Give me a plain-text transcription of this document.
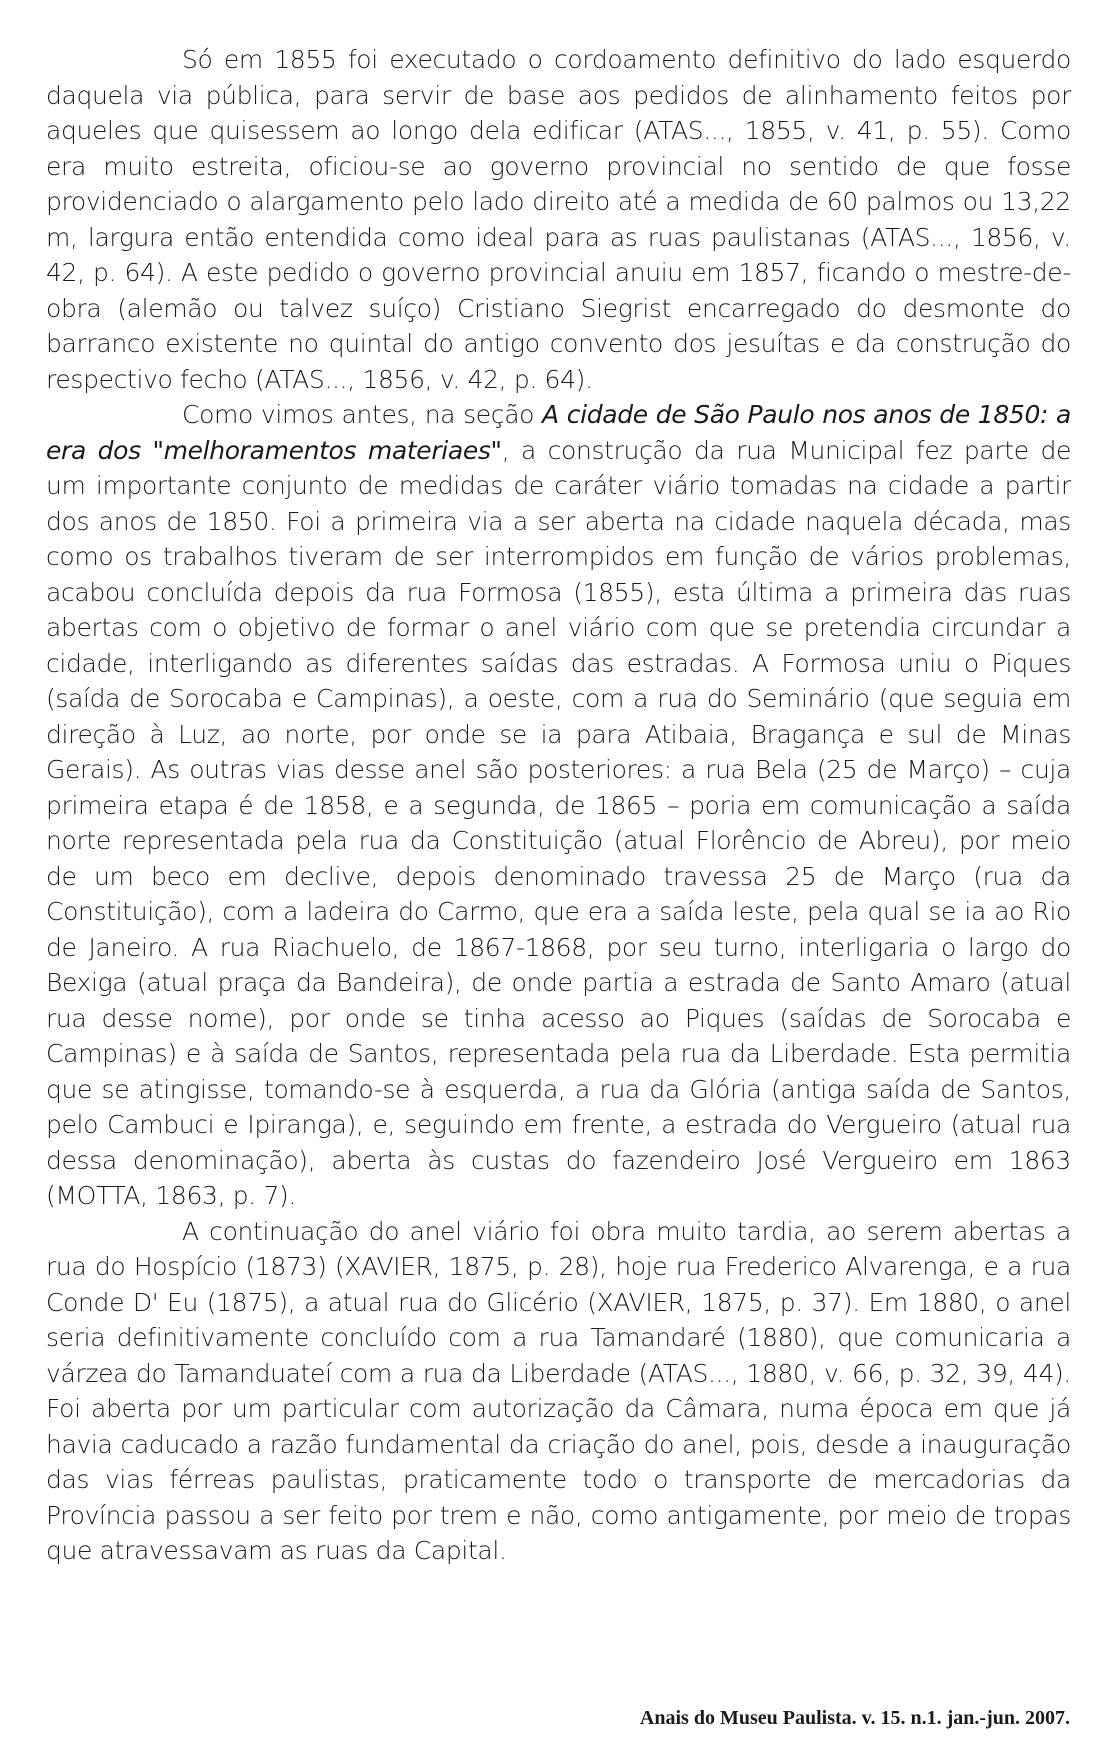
Só em 1855 foi executado o cordoamento definitivo do lado esquerdo daquela via pública, para servir de base aos pedidos de alinhamento feitos por aqueles que quisessem ao longo dela edificar (ATAS..., 1855, v. 41, p. 55). Como era muito estreita, oficiou-se ao governo provincial no sentido de que fosse providenciado o alargamento pelo lado direito até a medida de 60 palmos ou 13,22 m, largura então entendida como ideal para as ruas paulistanas (ATAS..., 1856, v. 42, p. 64). A este pedido o governo provincial anuiu em 1857, ficando o mestre-de-obra (alemão ou talvez suíço) Cristiano Siegrist encarregado do desmonte do barranco existente no quintal do antigo convento dos jesuítas e da construção do respectivo fecho (ATAS..., 1856, v. 42, p. 64).

Como vimos antes, na seção A cidade de São Paulo nos anos de 1850: a era dos "melhoramentos materiaes", a construção da rua Municipal fez parte de um importante conjunto de medidas de caráter viário tomadas na cidade a partir dos anos de 1850. Foi a primeira via a ser aberta na cidade naquela década, mas como os trabalhos tiveram de ser interrompidos em função de vários problemas, acabou concluída depois da rua Formosa (1855), esta última a primeira das ruas abertas com o objetivo de formar o anel viário com que se pretendia circundar a cidade, interligando as diferentes saídas das estradas. A Formosa uniu o Piques (saída de Sorocaba e Campinas), a oeste, com a rua do Seminário (que seguia em direção à Luz, ao norte, por onde se ia para Atibaia, Bragança e sul de Minas Gerais). As outras vias desse anel são posteriores: a rua Bela (25 de Março) – cuja primeira etapa é de 1858, e a segunda, de 1865 – poria em comunicação a saída norte representada pela rua da Constituição (atual Florêncio de Abreu), por meio de um beco em declive, depois denominado travessa 25 de Março (rua da Constituição), com a ladeira do Carmo, que era a saída leste, pela qual se ia ao Rio de Janeiro. A rua Riachuelo, de 1867-1868, por seu turno, interligaria o largo do Bexiga (atual praça da Bandeira), de onde partia a estrada de Santo Amaro (atual rua desse nome), por onde se tinha acesso ao Piques (saídas de Sorocaba e Campinas) e à saída de Santos, representada pela rua da Liberdade. Esta permitia que se atingisse, tomando-se à esquerda, a rua da Glória (antiga saída de Santos, pelo Cambuci e Ipiranga), e, seguindo em frente, a estrada do Vergueiro (atual rua dessa denominação), aberta às custas do fazendeiro José Vergueiro em 1863 (MOTTA, 1863, p. 7).

A continuação do anel viário foi obra muito tardia, ao serem abertas a rua do Hospício (1873) (XAVIER, 1875, p. 28), hoje rua Frederico Alvarenga, e a rua Conde D' Eu (1875), a atual rua do Glicério (XAVIER, 1875, p. 37). Em 1880, o anel seria definitivamente concluído com a rua Tamandaré (1880), que comunicaria a várzea do Tamanduateí com a rua da Liberdade (ATAS..., 1880, v. 66, p. 32, 39, 44). Foi aberta por um particular com autorização da Câmara, numa época em que já havia caducado a razão fundamental da criação do anel, pois, desde a inauguração das vias férreas paulistas, praticamente todo o transporte de mercadorias da Província passou a ser feito por trem e não, como antigamente, por meio de tropas que atravessavam as ruas da Capital.

Anais do Museu Paulista. v. 15. n.1. jan.-jun. 2007.
